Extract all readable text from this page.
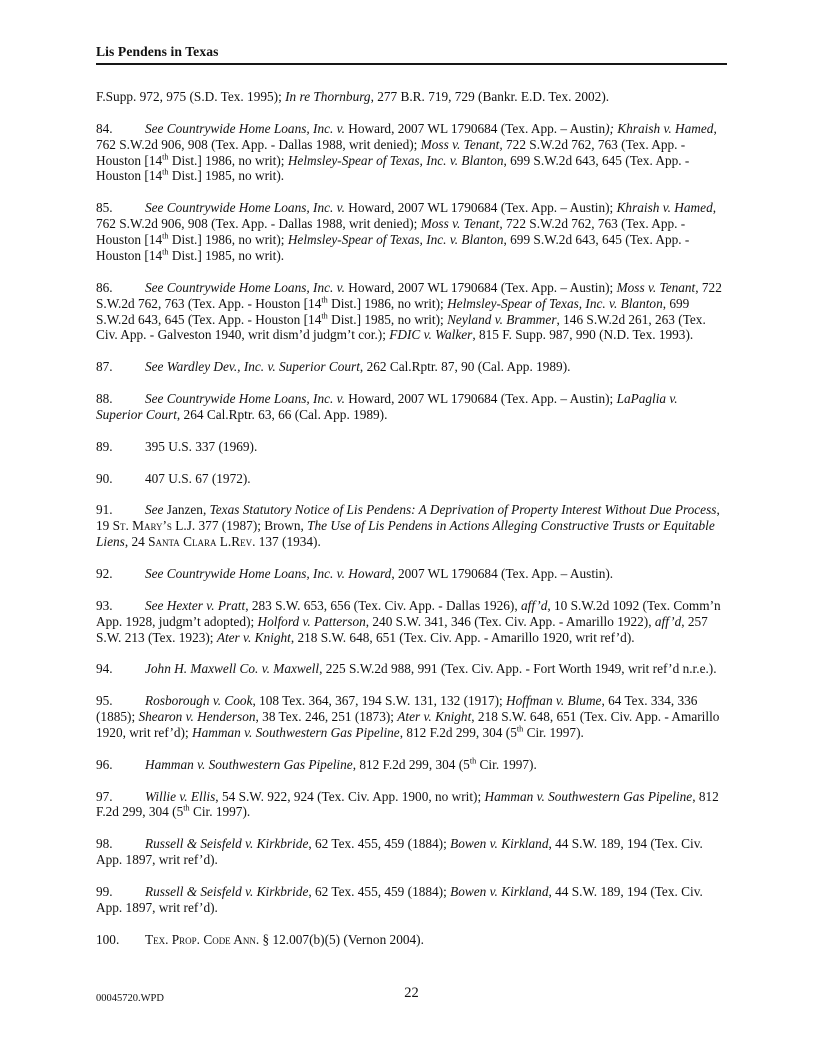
Lis Pendens in Texas

F.Supp. 972, 975 (S.D. Tex. 1995); In re Thornburg, 277 B.R. 719, 729 (Bankr. E.D. Tex. 2002).

84. See Countrywide Home Loans, Inc. v. Howard, 2007 WL 1790684 (Tex. App. – Austin); Khraish v. Hamed, 762 S.W.2d 906, 908 (Tex. App. - Dallas 1988, writ denied); Moss v. Tenant, 722 S.W.2d 762, 763 (Tex. App. - Houston [14th Dist.] 1986, no writ); Helmsley-Spear of Texas, Inc. v. Blanton, 699 S.W.2d 643, 645 (Tex. App. - Houston [14th Dist.] 1985, no writ).

85. See Countrywide Home Loans, Inc. v. Howard, 2007 WL 1790684 (Tex. App. – Austin); Khraish v. Hamed, 762 S.W.2d 906, 908 (Tex. App. - Dallas 1988, writ denied); Moss v. Tenant, 722 S.W.2d 762, 763 (Tex. App. - Houston [14th Dist.] 1986, no writ); Helmsley-Spear of Texas, Inc. v. Blanton, 699 S.W.2d 643, 645 (Tex. App. - Houston [14th Dist.] 1985, no writ).

86. See Countrywide Home Loans, Inc. v. Howard, 2007 WL 1790684 (Tex. App. – Austin); Moss v. Tenant, 722 S.W.2d 762, 763 (Tex. App. - Houston [14th Dist.] 1986, no writ); Helmsley-Spear of Texas, Inc. v. Blanton, 699 S.W.2d 643, 645 (Tex. App. - Houston [14th Dist.] 1985, no writ); Neyland v. Brammer, 146 S.W.2d 261, 263 (Tex. Civ. App. - Galveston 1940, writ dism’d judgm’t cor.); FDIC v. Walker, 815 F. Supp. 987, 990 (N.D. Tex. 1993).

87. See Wardley Dev., Inc. v. Superior Court, 262 Cal.Rptr. 87, 90 (Cal. App. 1989).

88. See Countrywide Home Loans, Inc. v. Howard, 2007 WL 1790684 (Tex. App. – Austin); LaPaglia v. Superior Court, 264 Cal.Rptr. 63, 66 (Cal. App. 1989).

89. 395 U.S. 337 (1969).

90. 407 U.S. 67 (1972).

91. See Janzen, Texas Statutory Notice of Lis Pendens: A Deprivation of Property Interest Without Due Process, 19 St. Mary’s L.J. 377 (1987); Brown, The Use of Lis Pendens in Actions Alleging Constructive Trusts or Equitable Liens, 24 Santa Clara L.Rev. 137 (1934).

92. See Countrywide Home Loans, Inc. v. Howard, 2007 WL 1790684 (Tex. App. – Austin).

93. See Hexter v. Pratt, 283 S.W. 653, 656 (Tex. Civ. App. - Dallas 1926), aff’d, 10 S.W.2d 1092 (Tex. Comm’n App. 1928, judgm’t adopted); Holford v. Patterson, 240 S.W. 341, 346 (Tex. Civ. App. - Amarillo 1922), aff’d, 257 S.W. 213 (Tex. 1923); Ater v. Knight, 218 S.W. 648, 651 (Tex. Civ. App. - Amarillo 1920, writ ref’d).

94. John H. Maxwell Co. v. Maxwell, 225 S.W.2d 988, 991 (Tex. Civ. App. - Fort Worth 1949, writ ref’d n.r.e.).

95. Rosborough v. Cook, 108 Tex. 364, 367, 194 S.W. 131, 132 (1917); Hoffman v. Blume, 64 Tex. 334, 336 (1885); Shearon v. Henderson, 38 Tex. 246, 251 (1873); Ater v. Knight, 218 S.W. 648, 651 (Tex. Civ. App. - Amarillo 1920, writ ref’d); Hamman v. Southwestern Gas Pipeline, 812 F.2d 299, 304 (5th Cir. 1997).

96. Hamman v. Southwestern Gas Pipeline, 812 F.2d 299, 304 (5th Cir. 1997).

97. Willie v. Ellis, 54 S.W. 922, 924 (Tex. Civ. App. 1900, no writ); Hamman v. Southwestern Gas Pipeline, 812 F.2d 299, 304 (5th Cir. 1997).

98. Russell & Seisfeld v. Kirkbride, 62 Tex. 455, 459 (1884); Bowen v. Kirkland, 44 S.W. 189, 194 (Tex. Civ. App. 1897, writ ref’d).

99. Russell & Seisfeld v. Kirkbride, 62 Tex. 455, 459 (1884); Bowen v. Kirkland, 44 S.W. 189, 194 (Tex. Civ. App. 1897, writ ref’d).

100. Tex. Prop. Code Ann. § 12.007(b)(5) (Vernon 2004).

00045720.WPD	22
